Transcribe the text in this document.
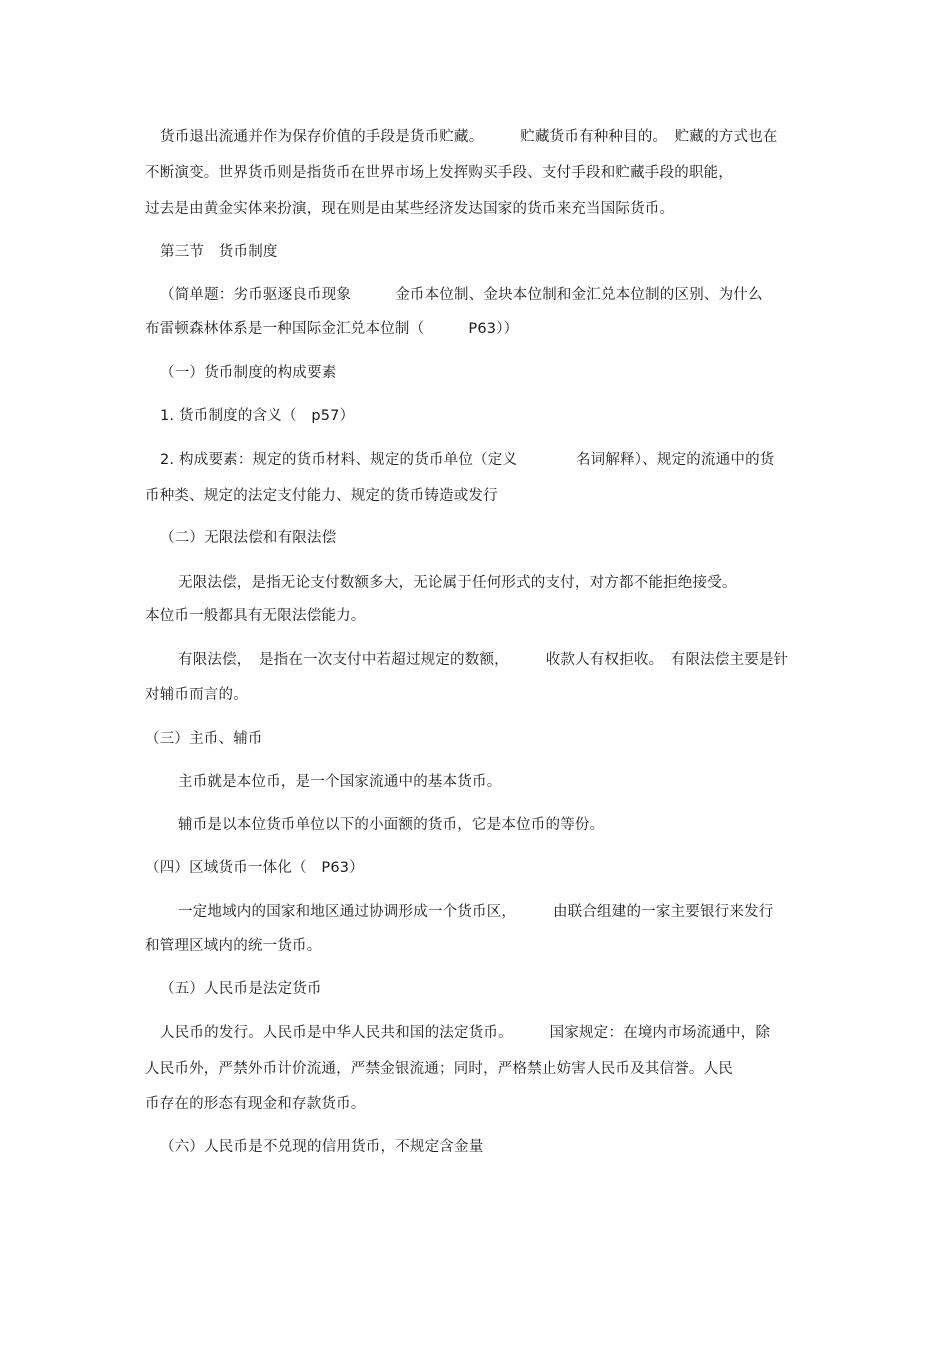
货币退出流通并作为保存价值的手段是货币贮藏。　　　贮藏货币有种种目的。　贮藏的方式也在
不断演变。世界货币则是指货币在世界市场上发挥购买手段、支付手段和贮藏手段的职能，
过去是由黄金实体来扮演，现在则是由某些经济发达国家的货币来充当国际货币。
第三节　货币制度
（简单题：劣币驱逐良币现象　　　金币本位制、金块本位制和金汇兑本位制的区别、为什么
布雷顿森林体系是一种国际金汇兑本位制（　　　P63））
（一）货币制度的构成要素
1. 货币制度的含义（　p57）
2. 构成要素：规定的货币材料、规定的货币单位（定义　　　　名词解释）、规定的流通中的货
币种类、规定的法定支付能力、规定的货币铸造或发行
（二）无限法偿和有限法偿
无限法偿，是指无论支付数额多大，无论属于任何形式的支付，对方都不能拒绝接受。
本位币一般都具有无限法偿能力。
有限法偿，　是指在一次支付中若超过规定的数额，　　　收款人有权拒收。　有限法偿主要是针
对辅币而言的。
（三）主币、辅币
主币就是本位币，是一个国家流通中的基本货币。
辅币是以本位货币单位以下的小面额的货币，它是本位币的等份。
（四）区域货币一体化（　P63）
一定地域内的国家和地区通过协调形成一个货币区，　　　由联合组建的一家主要银行来发行
和管理区域内的统一货币。
（五）人民币是法定货币
人民币的发行。人民币是中华人民共和国的法定货币。　　　国家规定：在境内市场流通中，除
人民币外，严禁外币计价流通，严禁金银流通；同时，严格禁止妨害人民币及其信誉。人民
币存在的形态有现金和存款货币。
（六）人民币是不兑现的信用货币，不规定含金量
